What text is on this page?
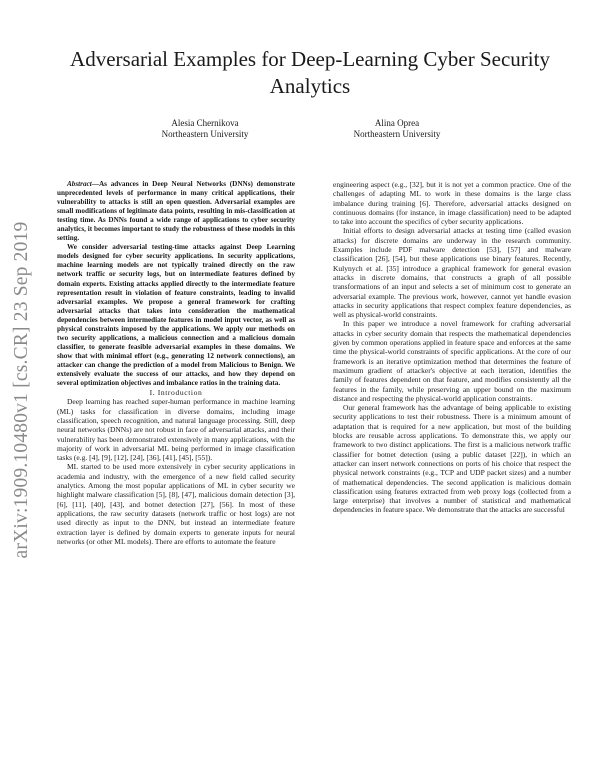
arXiv:1909.10480v1 [cs.CR] 23 Sep 2019
Adversarial Examples for Deep-Learning Cyber Security Analytics
Alesia Chernikova
Northeastern University
Alina Oprea
Northeastern University

Abstract—As advances in Deep Neural Networks (DNNs) demonstrate unprecedented levels of performance in many critical applications, their vulnerability to attacks is still an open question. Adversarial examples are small modifications of legitimate data points, resulting in mis-classification at testing time. As DNNs found a wide range of applications to cyber security analytics, it becomes important to study the robustness of these models in this setting.

We consider adversarial testing-time attacks against Deep Learning models designed for cyber security applications. In security applications, machine learning models are not typically trained directly on the raw network traffic or security logs, but on intermediate features defined by domain experts. Existing attacks applied directly to the intermediate feature representation result in violation of feature constraints, leading to invalid adversarial examples. We propose a general framework for crafting adversarial attacks that takes into consideration the mathematical dependencies between intermediate features in model input vector, as well as physical constraints imposed by the applications. We apply our methods on two security applications, a malicious connection and a malicious domain classifier, to generate feasible adversarial examples in these domains. We show that with minimal effort (e.g., generating 12 network connections), an attacker can change the prediction of a model from Malicious to Benign. We extensively evaluate the success of our attacks, and how they depend on several optimization objectives and imbalance ratios in the training data.

I. Introduction

Deep learning has reached super-human performance in machine learning (ML) tasks for classification in diverse domains, including image classification, speech recognition, and natural language processing. Still, deep neural networks (DNNs) are not robust in face of adversarial attacks, and their vulnerability has been demonstrated extensively in many applications, with the majority of work in adversarial ML being performed in image classification tasks (e.g. [4], [9], [12], [24], [36], [41], [45], [55]).

ML started to be used more extensively in cyber security applications in academia and industry, with the emergence of a new field called security analytics. Among the most popular applications of ML in cyber security we highlight malware classification [5], [8], [47], malicious domain detection [3], [6], [11], [40], [43], and botnet detection [27], [56]. In most of these applications, the raw security datasets (network traffic or host logs) are not used directly as input to the DNN, but instead an intermediate feature extraction layer is defined by domain experts to generate inputs for neural networks (or other ML models). There are efforts to automate the feature

engineering aspect (e.g., [32], but it is not yet a common practice. One of the challenges of adapting ML to work in these domains is the large class imbalance during training [6]. Therefore, adversarial attacks designed on continuous domains (for instance, in image classification) need to be adapted to take into account the specifics of cyber security applications.

Initial efforts to design adversarial attacks at testing time (called evasion attacks) for discrete domains are underway in the research community. Examples include PDF malware detection [53], [57] and malware classification [26], [54], but these applications use binary features. Recently, Kulynych et al. [35] introduce a graphical framework for general evasion attacks in discrete domains, that constructs a graph of all possible transformations of an input and selects a set of minimum cost to generate an adversarial example. The previous work, however, cannot yet handle evasion attacks in security applications that respect complex feature dependencies, as well as physical-world constraints.

In this paper we introduce a novel framework for crafting adversarial attacks in cyber security domain that respects the mathematical dependencies given by common operations applied in feature space and enforces at the same time the physical-world constraints of specific applications. At the core of our framework is an iterative optimization method that determines the feature of maximum gradient of attacker's objective at each iteration, identifies the family of features dependent on that feature, and modifies consistently all the features in the family, while preserving an upper bound on the maximum distance and respecting the physical-world application constraints.

Our general framework has the advantage of being applicable to existing security applications to test their robustness. There is a minimum amount of adaptation that is required for a new application, but most of the building blocks are reusable across applications. To demonstrate this, we apply our framework to two distinct applications. The first is a malicious network traffic classifier for botnet detection (using a public dataset [22]), in which an attacker can insert network connections on ports of his choice that respect the physical network constraints (e.g., TCP and UDP packet sizes) and a number of mathematical dependencies. The second application is malicious domain classification using features extracted from web proxy logs (collected from a large enterprise) that involves a number of statistical and mathematical dependencies in feature space. We demonstrate that the attacks are successful
